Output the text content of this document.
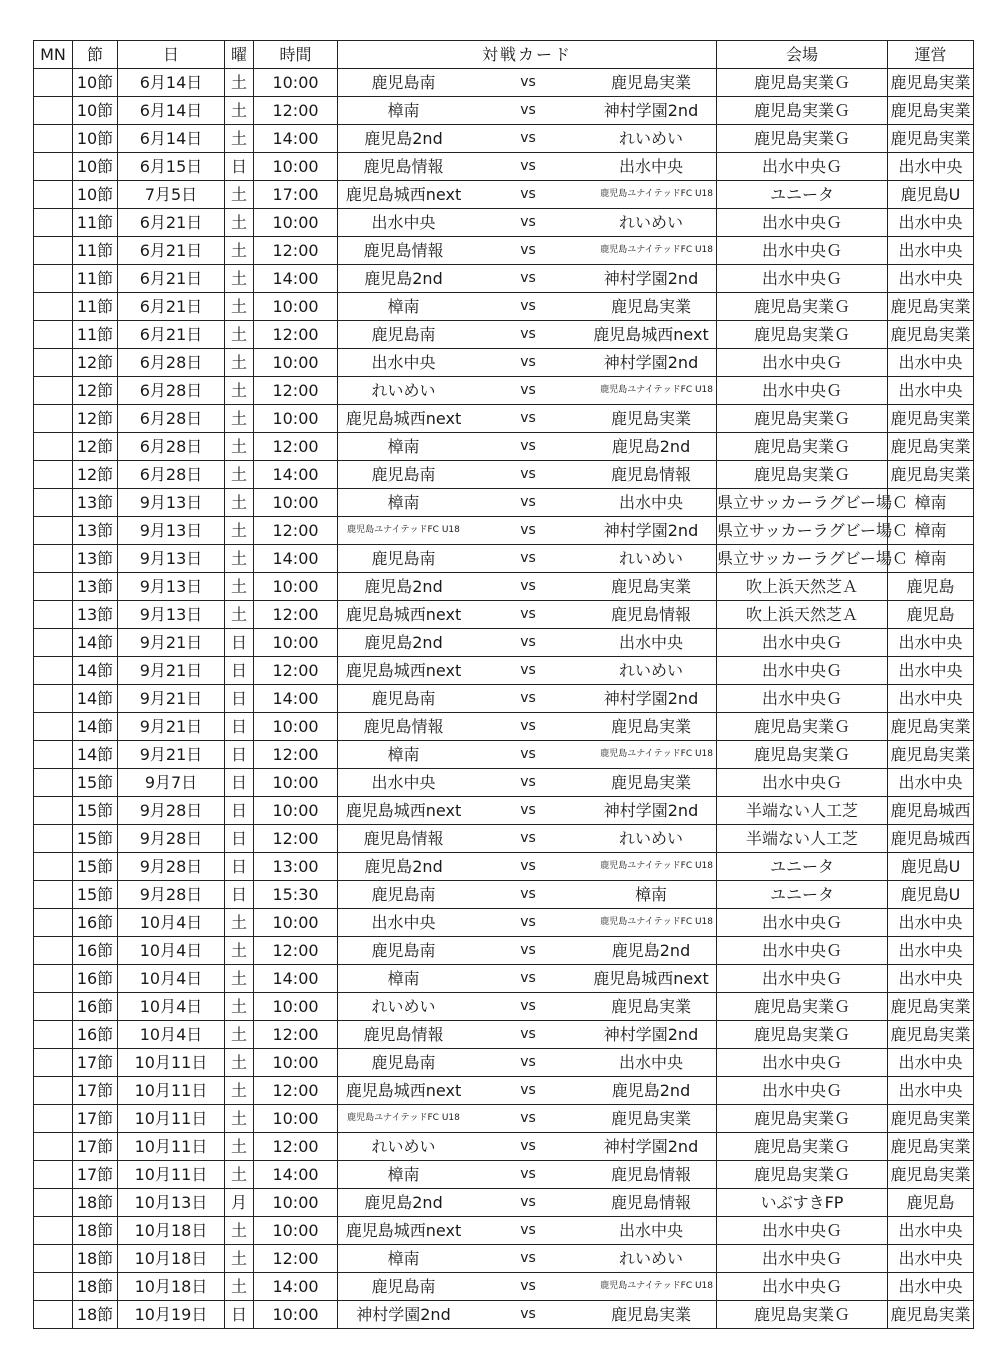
MN	節	日	曜	時間	対戦カード	会場	運営
	10節	6月14日	土	10:00	鹿児島南 vs 鹿児島実業	鹿児島実業Ｇ	鹿児島実業
	10節	6月14日	土	12:00	樟南 vs 神村学園2nd	鹿児島実業Ｇ	鹿児島実業
	10節	6月14日	土	14:00	鹿児島2nd vs れいめい	鹿児島実業Ｇ	鹿児島実業
	10節	6月15日	日	10:00	鹿児島情報 vs 出水中央	出水中央Ｇ	出水中央
	10節	7月5日	土	17:00	鹿児島城西next vs 鹿児島ユナイテッドFC U18	ユニータ	鹿児島U
	11節	6月21日	土	10:00	出水中央 vs れいめい	出水中央Ｇ	出水中央
	11節	6月21日	土	12:00	鹿児島情報 vs 鹿児島ユナイテッドFC U18	出水中央Ｇ	出水中央
	11節	6月21日	土	14:00	鹿児島2nd vs 神村学園2nd	出水中央Ｇ	出水中央
	11節	6月21日	土	10:00	樟南 vs 鹿児島実業	鹿児島実業Ｇ	鹿児島実業
	11節	6月21日	土	12:00	鹿児島南 vs 鹿児島城西next	鹿児島実業Ｇ	鹿児島実業
	12節	6月28日	土	10:00	出水中央 vs 神村学園2nd	出水中央Ｇ	出水中央
	12節	6月28日	土	12:00	れいめい vs 鹿児島ユナイテッドFC U18	出水中央Ｇ	出水中央
	12節	6月28日	土	10:00	鹿児島城西next vs 鹿児島実業	鹿児島実業Ｇ	鹿児島実業
	12節	6月28日	土	12:00	樟南 vs 鹿児島2nd	鹿児島実業Ｇ	鹿児島実業
	12節	6月28日	土	14:00	鹿児島南 vs 鹿児島情報	鹿児島実業Ｇ	鹿児島実業
	13節	9月13日	土	10:00	樟南 vs 出水中央	県立サッカーラグビー場Ｃ	樟南
	13節	9月13日	土	12:00	鹿児島ユナイテッドFC U18 vs 神村学園2nd	県立サッカーラグビー場Ｃ	樟南
	13節	9月13日	土	14:00	鹿児島南 vs れいめい	県立サッカーラグビー場Ｃ	樟南
	13節	9月13日	土	10:00	鹿児島2nd vs 鹿児島実業	吹上浜天然芝Ａ	鹿児島
	13節	9月13日	土	12:00	鹿児島城西next vs 鹿児島情報	吹上浜天然芝Ａ	鹿児島
	14節	9月21日	日	10:00	鹿児島2nd vs 出水中央	出水中央Ｇ	出水中央
	14節	9月21日	日	12:00	鹿児島城西next vs れいめい	出水中央Ｇ	出水中央
	14節	9月21日	日	14:00	鹿児島南 vs 神村学園2nd	出水中央Ｇ	出水中央
	14節	9月21日	日	10:00	鹿児島情報 vs 鹿児島実業	鹿児島実業Ｇ	鹿児島実業
	14節	9月21日	日	12:00	樟南 vs 鹿児島ユナイテッドFC U18	鹿児島実業Ｇ	鹿児島実業
	15節	9月7日	日	10:00	出水中央 vs 鹿児島実業	出水中央Ｇ	出水中央
	15節	9月28日	日	10:00	鹿児島城西next vs 神村学園2nd	半端ない人工芝	鹿児島城西
	15節	9月28日	日	12:00	鹿児島情報 vs れいめい	半端ない人工芝	鹿児島城西
	15節	9月28日	日	13:00	鹿児島2nd vs 鹿児島ユナイテッドFC U18	ユニータ	鹿児島U
	15節	9月28日	日	15:30	鹿児島南 vs 樟南	ユニータ	鹿児島U
	16節	10月4日	土	10:00	出水中央 vs 鹿児島ユナイテッドFC U18	出水中央Ｇ	出水中央
	16節	10月4日	土	12:00	鹿児島南 vs 鹿児島2nd	出水中央Ｇ	出水中央
	16節	10月4日	土	14:00	樟南 vs 鹿児島城西next	出水中央Ｇ	出水中央
	16節	10月4日	土	10:00	れいめい vs 鹿児島実業	鹿児島実業Ｇ	鹿児島実業
	16節	10月4日	土	12:00	鹿児島情報 vs 神村学園2nd	鹿児島実業Ｇ	鹿児島実業
	17節	10月11日	土	10:00	鹿児島南 vs 出水中央	出水中央Ｇ	出水中央
	17節	10月11日	土	12:00	鹿児島城西next vs 鹿児島2nd	出水中央Ｇ	出水中央
	17節	10月11日	土	10:00	鹿児島ユナイテッドFC U18 vs 鹿児島実業	鹿児島実業Ｇ	鹿児島実業
	17節	10月11日	土	12:00	れいめい vs 神村学園2nd	鹿児島実業Ｇ	鹿児島実業
	17節	10月11日	土	14:00	樟南 vs 鹿児島情報	鹿児島実業Ｇ	鹿児島実業
	18節	10月13日	月	10:00	鹿児島2nd vs 鹿児島情報	いぶすきFP	鹿児島
	18節	10月18日	土	10:00	鹿児島城西next vs 出水中央	出水中央Ｇ	出水中央
	18節	10月18日	土	12:00	樟南 vs れいめい	出水中央Ｇ	出水中央
	18節	10月18日	土	14:00	鹿児島南 vs 鹿児島ユナイテッドFC U18	出水中央Ｇ	出水中央
	18節	10月19日	日	10:00	神村学園2nd vs 鹿児島実業	鹿児島実業Ｇ	鹿児島実業
